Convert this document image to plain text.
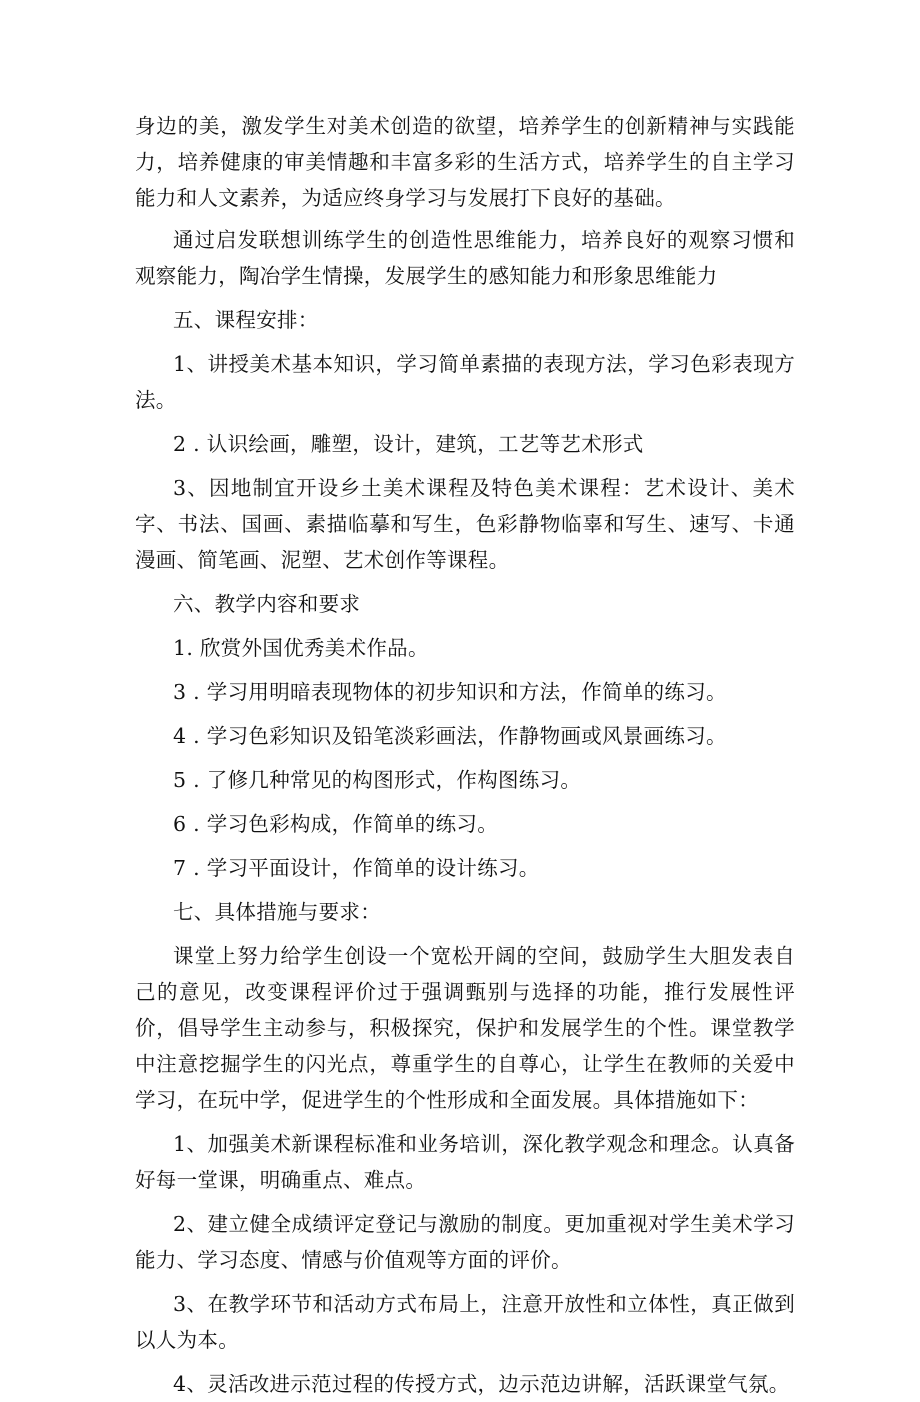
身边的美，激发学生对美术创造的欲望，培养学生的创新精神与实践能力，培养健康的审美情趣和丰富多彩的生活方式，培养学生的自主学习能力和人文素养，为适应终身学习与发展打下良好的基础。

通过启发联想训练学生的创造性思维能力，培养良好的观察习惯和观察能力，陶冶学生情操，发展学生的感知能力和形象思维能力

五、课程安排：

1、讲授美术基本知识，学习简单素描的表现方法，学习色彩表现方法。

2 . 认识绘画，雕塑，设计，建筑，工艺等艺术形式

3、因地制宜开设乡土美术课程及特色美术课程：艺术设计、美术字、书法、国画、素描临摹和写生，色彩静物临辜和写生、速写、卡通漫画、简笔画、泥塑、艺术创作等课程。

六、教学内容和要求

1. 欣赏外国优秀美术作品。

3 . 学习用明暗表现物体的初步知识和方法，作简单的练习。

4 . 学习色彩知识及铅笔淡彩画法，作静物画或风景画练习。

5 . 了修几种常见的构图形式，作构图练习。

6 . 学习色彩构成，作简单的练习。

7 . 学习平面设计，作简单的设计练习。

七、具体措施与要求：

课堂上努力给学生创设一个宽松开阔的空间，鼓励学生大胆发表自己的意见，改变课程评价过于强调甄别与选择的功能，推行发展性评价，倡导学生主动参与，积极探究，保护和发展学生的个性。课堂教学中注意挖掘学生的闪光点，尊重学生的自尊心，让学生在教师的关爱中学习，在玩中学，促进学生的个性形成和全面发展。具体措施如下：

1、加强美术新课程标准和业务培训，深化教学观念和理念。认真备好每一堂课，明确重点、难点。

2、建立健全成绩评定登记与激励的制度。更加重视对学生美术学习能力、学习态度、情感与价值观等方面的评价。

3、在教学环节和活动方式布局上，注意开放性和立体性，真正做到以人为本。

4、灵活改进示范过程的传授方式，边示范边讲解，活跃课堂气氛。
